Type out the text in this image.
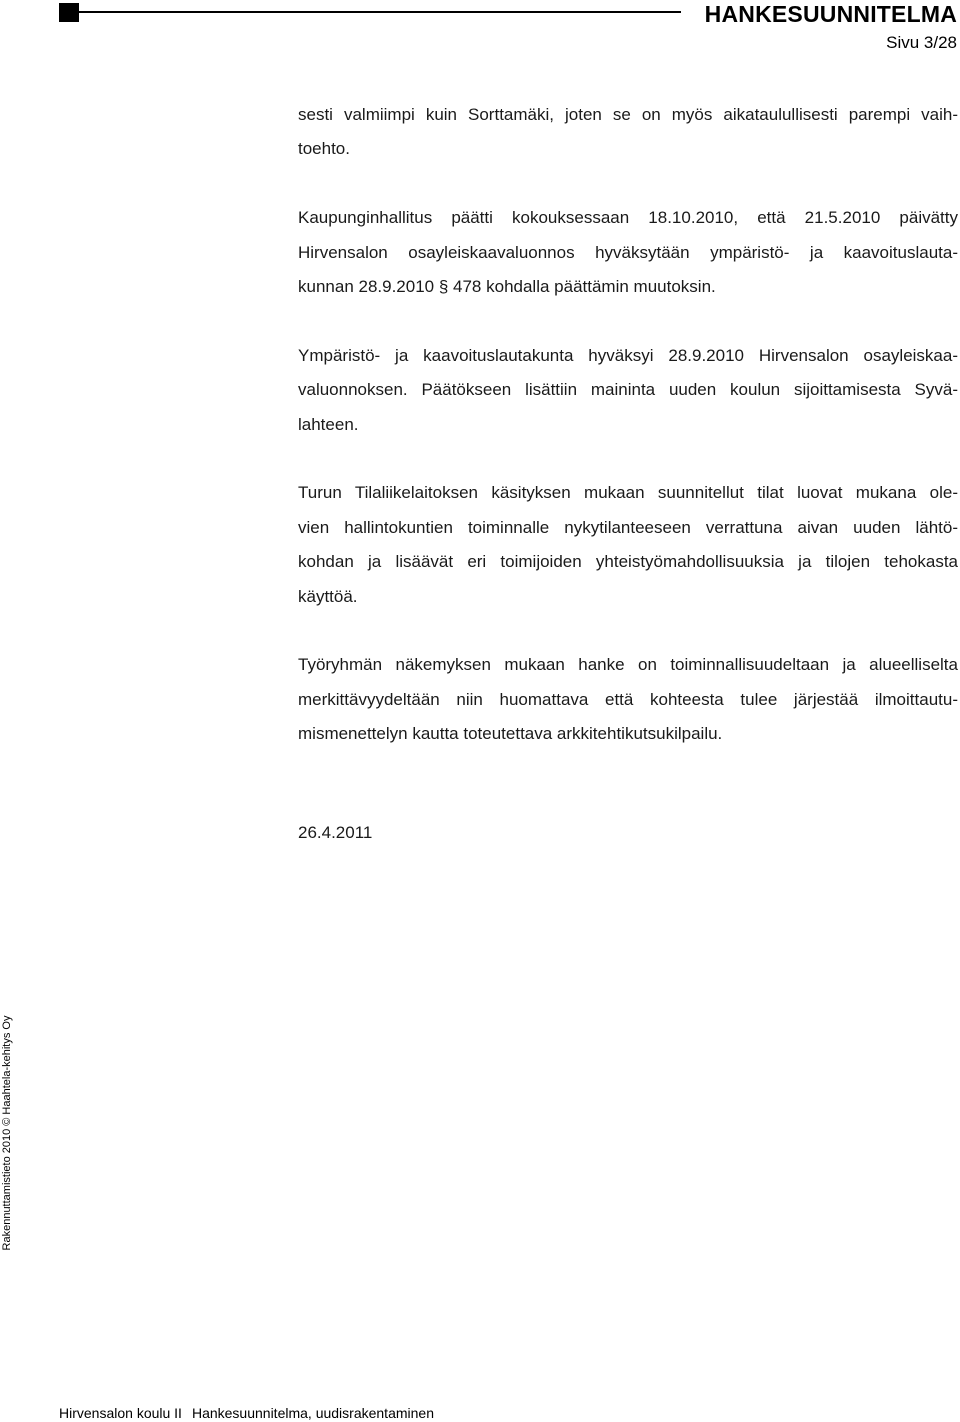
HANKESUUNNITELMA
Sivu 3/28
sesti valmiimpi kuin Sorttamäki, joten se on myös aikataulullisesti parempi vaih-
toehto.
Kaupunginhallitus päätti kokouksessaan 18.10.2010, että 21.5.2010 päivätty
Hirvensalon osayleiskaavaluonnos hyväksytään ympäristö- ja kaavoituslauta-
kunnan 28.9.2010 § 478 kohdalla päättämin muutoksin.
Ympäristö- ja kaavoituslautakunta hyväksyi 28.9.2010 Hirvensalon osayleiskaa-
valuonnoksen. Päätökseen lisättiin maininta uuden koulun sijoittamisesta Syvä-
lahteen.
Turun Tilaliikelaitoksen käsityksen mukaan suunnitellut tilat luovat mukana ole-
vien hallintokuntien toiminnalle nykytilanteeseen verrattuna aivan uuden lähtö-
kohdan ja lisäävät eri toimijoiden yhteistyömahdollisuuksia ja tilojen tehokasta
käyttöä.
Työryhmän näkemyksen mukaan hanke on toiminnallisuudeltaan ja alueelliselta
merkittävyydeltään niin huomattava että kohteesta tulee järjestää ilmoittautu-
mismenettelyn kautta toteutettava arkkitehtikutsukilpailu.
26.4.2011
Rakennuttamistieto 2010 © Haahtela-kehitys Oy
Hirvensalon koulu II Hankesuunnitelma, uudisrakentaminen
